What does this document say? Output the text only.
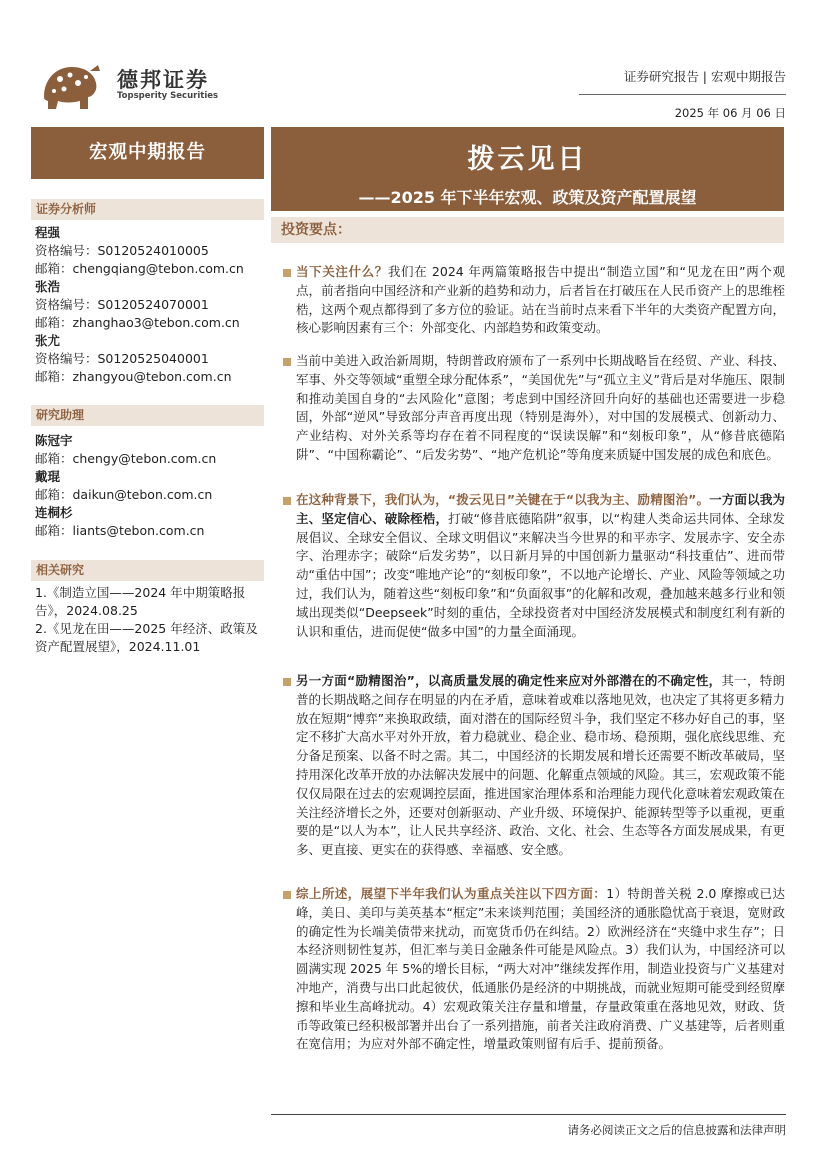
德邦证券
Topsperity Securities
证券研究报告 | 宏观中期报告
2025 年 06 月 06 日
宏观中期报告	拨云见日
——2025 年下半年宏观、政策及资产配置展望
证券分析师
程强
资格编号：S0120524010005
邮箱：chengqiang@tebon.com.cn
张浩
资格编号：S0120524070001
邮箱：zhanghao3@tebon.com.cn
张尤
资格编号：S0120525040001
邮箱：zhangyou@tebon.com.cn
研究助理
陈冠宇
邮箱：chengy@tebon.com.cn
戴琨
邮箱：daikun@tebon.com.cn
连桐杉
邮箱：liants@tebon.com.cn
相关研究
1.《制造立国——2024 年中期策略报告》，2024.08.25
2.《见龙在田——2025 年经济、政策及资产配置展望》，2024.11.01
投资要点：
当下关注什么？我们在 2024 年两篇策略报告中提出“制造立国”和“见龙在田”两个观点，前者指向中国经济和产业新的趋势和动力，后者旨在打破压在人民币资产上的思维桎梏，这两个观点都得到了多方位的验证。站在当前时点来看下半年的大类资产配置方向，核心影响因素有三个：外部变化、内部趋势和政策变动。
当前中美进入政治新周期，特朗普政府颁布了一系列中长期战略旨在经贸、产业、科技、军事、外交等领域“重塑全球分配体系”，“美国优先”与“孤立主义”背后是对华施压、限制和推动美国自身的“去风险化”意图；考虑到中国经济回升向好的基础也还需要进一步稳固，外部“逆风”导致部分声音再度出现（特别是海外），对中国的发展模式、创新动力、产业结构、对外关系等均存在着不同程度的“误读误解”和“刻板印象”，从“修昔底德陷阱”、“中国称霸论”、“后发劣势”、“地产危机论”等角度来质疑中国发展的成色和底色。
在这种背景下，我们认为，“拨云见日”关键在于“以我为主、励精图治”。一方面以我为主、坚定信心、破除桎梏，打破“修昔底德陷阱”叙事，以“构建人类命运共同体、全球发展倡议、全球安全倡议、全球文明倡议”来解决当今世界的和平赤字、发展赤字、安全赤字、治理赤字；破除“后发劣势”，以日新月异的中国创新力量驱动“科技重估”、进而带动“重估中国”；改变“唯地产论”的“刻板印象”，不以地产论增长、产业、风险等领域之功过，我们认为，随着这些“刻板印象”和“负面叙事”的化解和改观，叠加越来越多行业和领域出现类似“Deepseek”时刻的重估，全球投资者对中国经济发展模式和制度红利有新的认识和重估，进而促使“做多中国”的力量全面涌现。
另一方面“励精图治”，以高质量发展的确定性来应对外部潜在的不确定性，其一，特朗普的长期战略之间存在明显的内在矛盾，意味着或难以落地见效，也决定了其将更多精力放在短期“博弈”来换取政绩，面对潜在的国际经贸斗争，我们坚定不移办好自己的事，坚定不移扩大高水平对外开放，着力稳就业、稳企业、稳市场、稳预期，强化底线思维、充分备足预案、以备不时之需。其二，中国经济的长期发展和增长还需要不断改革破局，坚持用深化改革开放的办法解决发展中的问题、化解重点领域的风险。其三，宏观政策不能仅仅局限在过去的宏观调控层面，推进国家治理体系和治理能力现代化意味着宏观政策在关注经济增长之外，还要对创新驱动、产业升级、环境保护、能源转型等予以重视，更重要的是“以人为本”，让人民共享经济、政治、文化、社会、生态等各方面发展成果，有更多、更直接、更实在的获得感、幸福感、安全感。
综上所述，展望下半年我们认为重点关注以下四方面：1）特朗普关税 2.0 摩擦或已达峰，美日、美印与美英基本“框定”未来谈判范围；美国经济的通胀隐忧高于衰退，宽财政的确定性为长端美债带来扰动，而宽货币仍在纠结。2）欧洲经济在“夹缝中求生存”；日本经济则韧性复苏，但汇率与美日金融条件可能是风险点。3）我们认为，中国经济可以圆满实现 2025 年 5%的增长目标，“两大对冲”继续发挥作用，制造业投资与广义基建对冲地产，消费与出口此起彼伏，低通胀仍是经济的中期挑战，而就业短期可能受到经贸摩擦和毕业生高峰扰动。4）宏观政策关注存量和增量，存量政策重在落地见效，财政、货币等政策已经积极部署并出台了一系列措施，前者关注政府消费、广义基建等，后者则重在宽信用；为应对外部不确定性，增量政策则留有后手、提前预备。
请务必阅读正文之后的信息披露和法律声明
